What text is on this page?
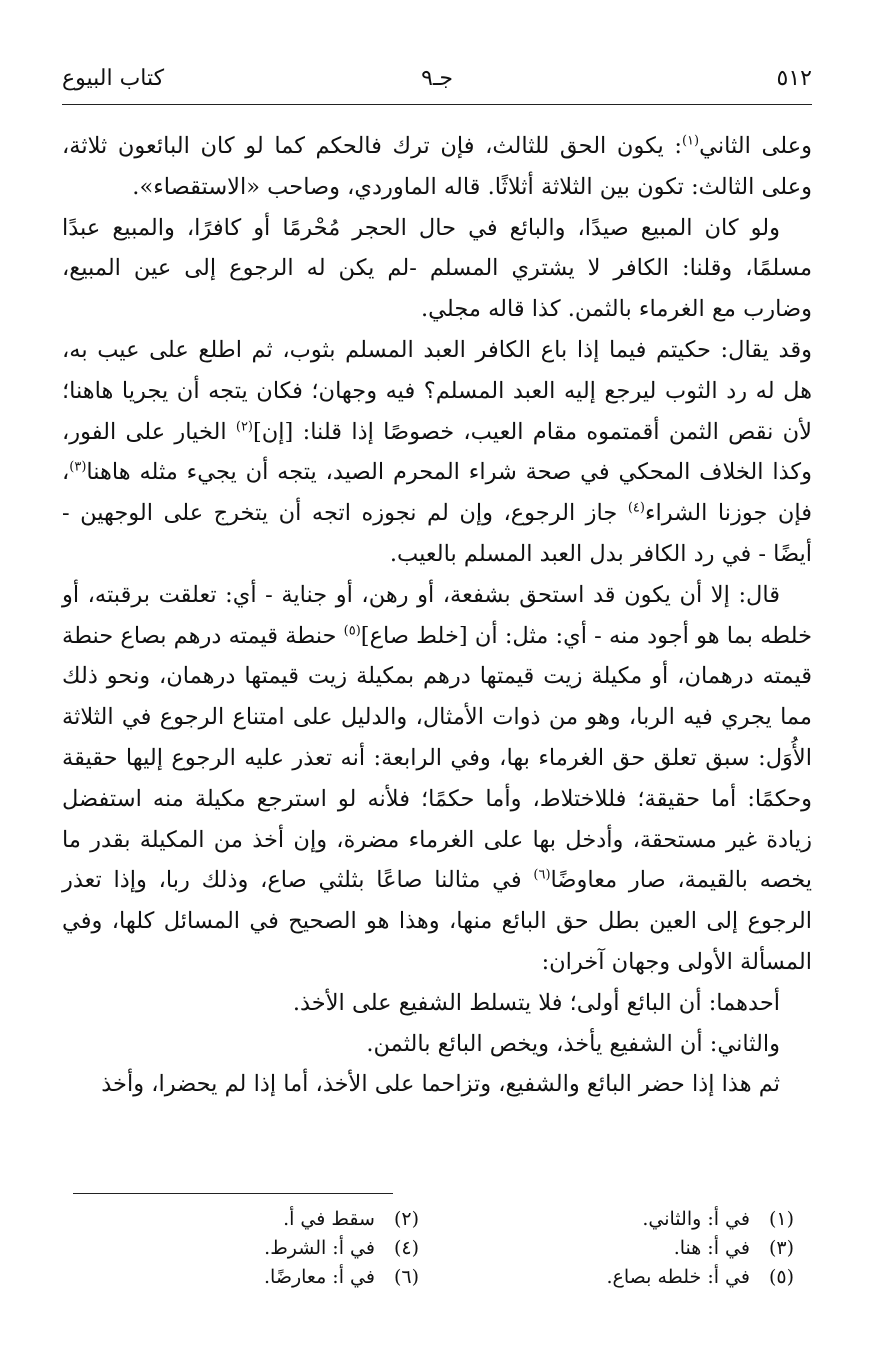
٥١٢
جـ٩
كتاب البيوع

وعلى الثاني$^{(١)}$: يكون الحق للثالث، فإن ترك فالحكم كما لو كان البائعون ثلاثة، وعلى الثالث: تكون بين الثلاثة أثلاثًا. قاله الماوردي، وصاحب «الاستقصاء».

ولو كان المبيع صيدًا، والبائع في حال الحجر مُحْرمًا أو كافرًا، والمبيع عبدًا مسلمًا، وقلنا: الكافر لا يشتري المسلم -لم يكن له الرجوع إلى عين المبيع، وضارب مع الغرماء بالثمن. كذا قاله مجلي.

وقد يقال: حكيتم فيما إذا باع الكافر العبد المسلم بثوب، ثم اطلع على عيب به، هل له رد الثوب ليرجع إليه العبد المسلم؟ فيه وجهان؛ فكان يتجه أن يجريا هاهنا؛ لأن نقص الثمن أقمتموه مقام العيب، خصوصًا إذا قلنا: [إن]$^{(٢)}$ الخيار على الفور، وكذا الخلاف المحكي في صحة شراء المحرم الصيد، يتجه أن يجيء مثله هاهنا$^{(٣)}$، فإن جوزنا الشراء$^{(٤)}$ جاز الرجوع، وإن لم نجوزه اتجه أن يتخرج على الوجهين - أيضًا - في رد الكافر بدل العبد المسلم بالعيب.

قال: إلا أن يكون قد استحق بشفعة، أو رهن، أو جناية - أي: تعلقت برقبته، أو خلطه بما هو أجود منه - أي: مثل: أن [خلط صاع]$^{(٥)}$ حنطة قيمته درهم بصاع حنطة قيمته درهمان، أو مكيلة زيت قيمتها درهم بمكيلة زيت قيمتها درهمان، ونحو ذلك مما يجري فيه الربا، وهو من ذوات الأمثال، والدليل على امتناع الرجوع في الثلاثة الأُوَل: سبق تعلق حق الغرماء بها، وفي الرابعة: أنه تعذر عليه الرجوع إليها حقيقة وحكمًا: أما حقيقة؛ فللاختلاط، وأما حكمًا؛ فلأنه لو استرجع مكيلة منه استفضل زيادة غير مستحقة، وأدخل بها على الغرماء مضرة، وإن أخذ من المكيلة بقدر ما يخصه بالقيمة، صار معاوضًا$^{(٦)}$ في مثالنا صاعًا بثلثي صاع، وذلك ربا، وإذا تعذر الرجوع إلى العين بطل حق البائع منها، وهذا هو الصحيح في المسائل كلها، وفي المسألة الأولى وجهان آخران:

أحدهما: أن البائع أولى؛ فلا يتسلط الشفيع على الأخذ.

والثاني: أن الشفيع يأخذ، ويخص البائع بالثمن.

ثم هذا إذا حضر البائع والشفيع، وتزاحما على الأخذ، أما إذا لم يحضرا، وأخذ

(١) في أ: والثاني.
(٢) سقط في أ.
(٣) في أ: هنا.
(٤) في أ: الشرط.
(٥) في أ: خلطه بصاع.
(٦) في أ: معارضًا.
